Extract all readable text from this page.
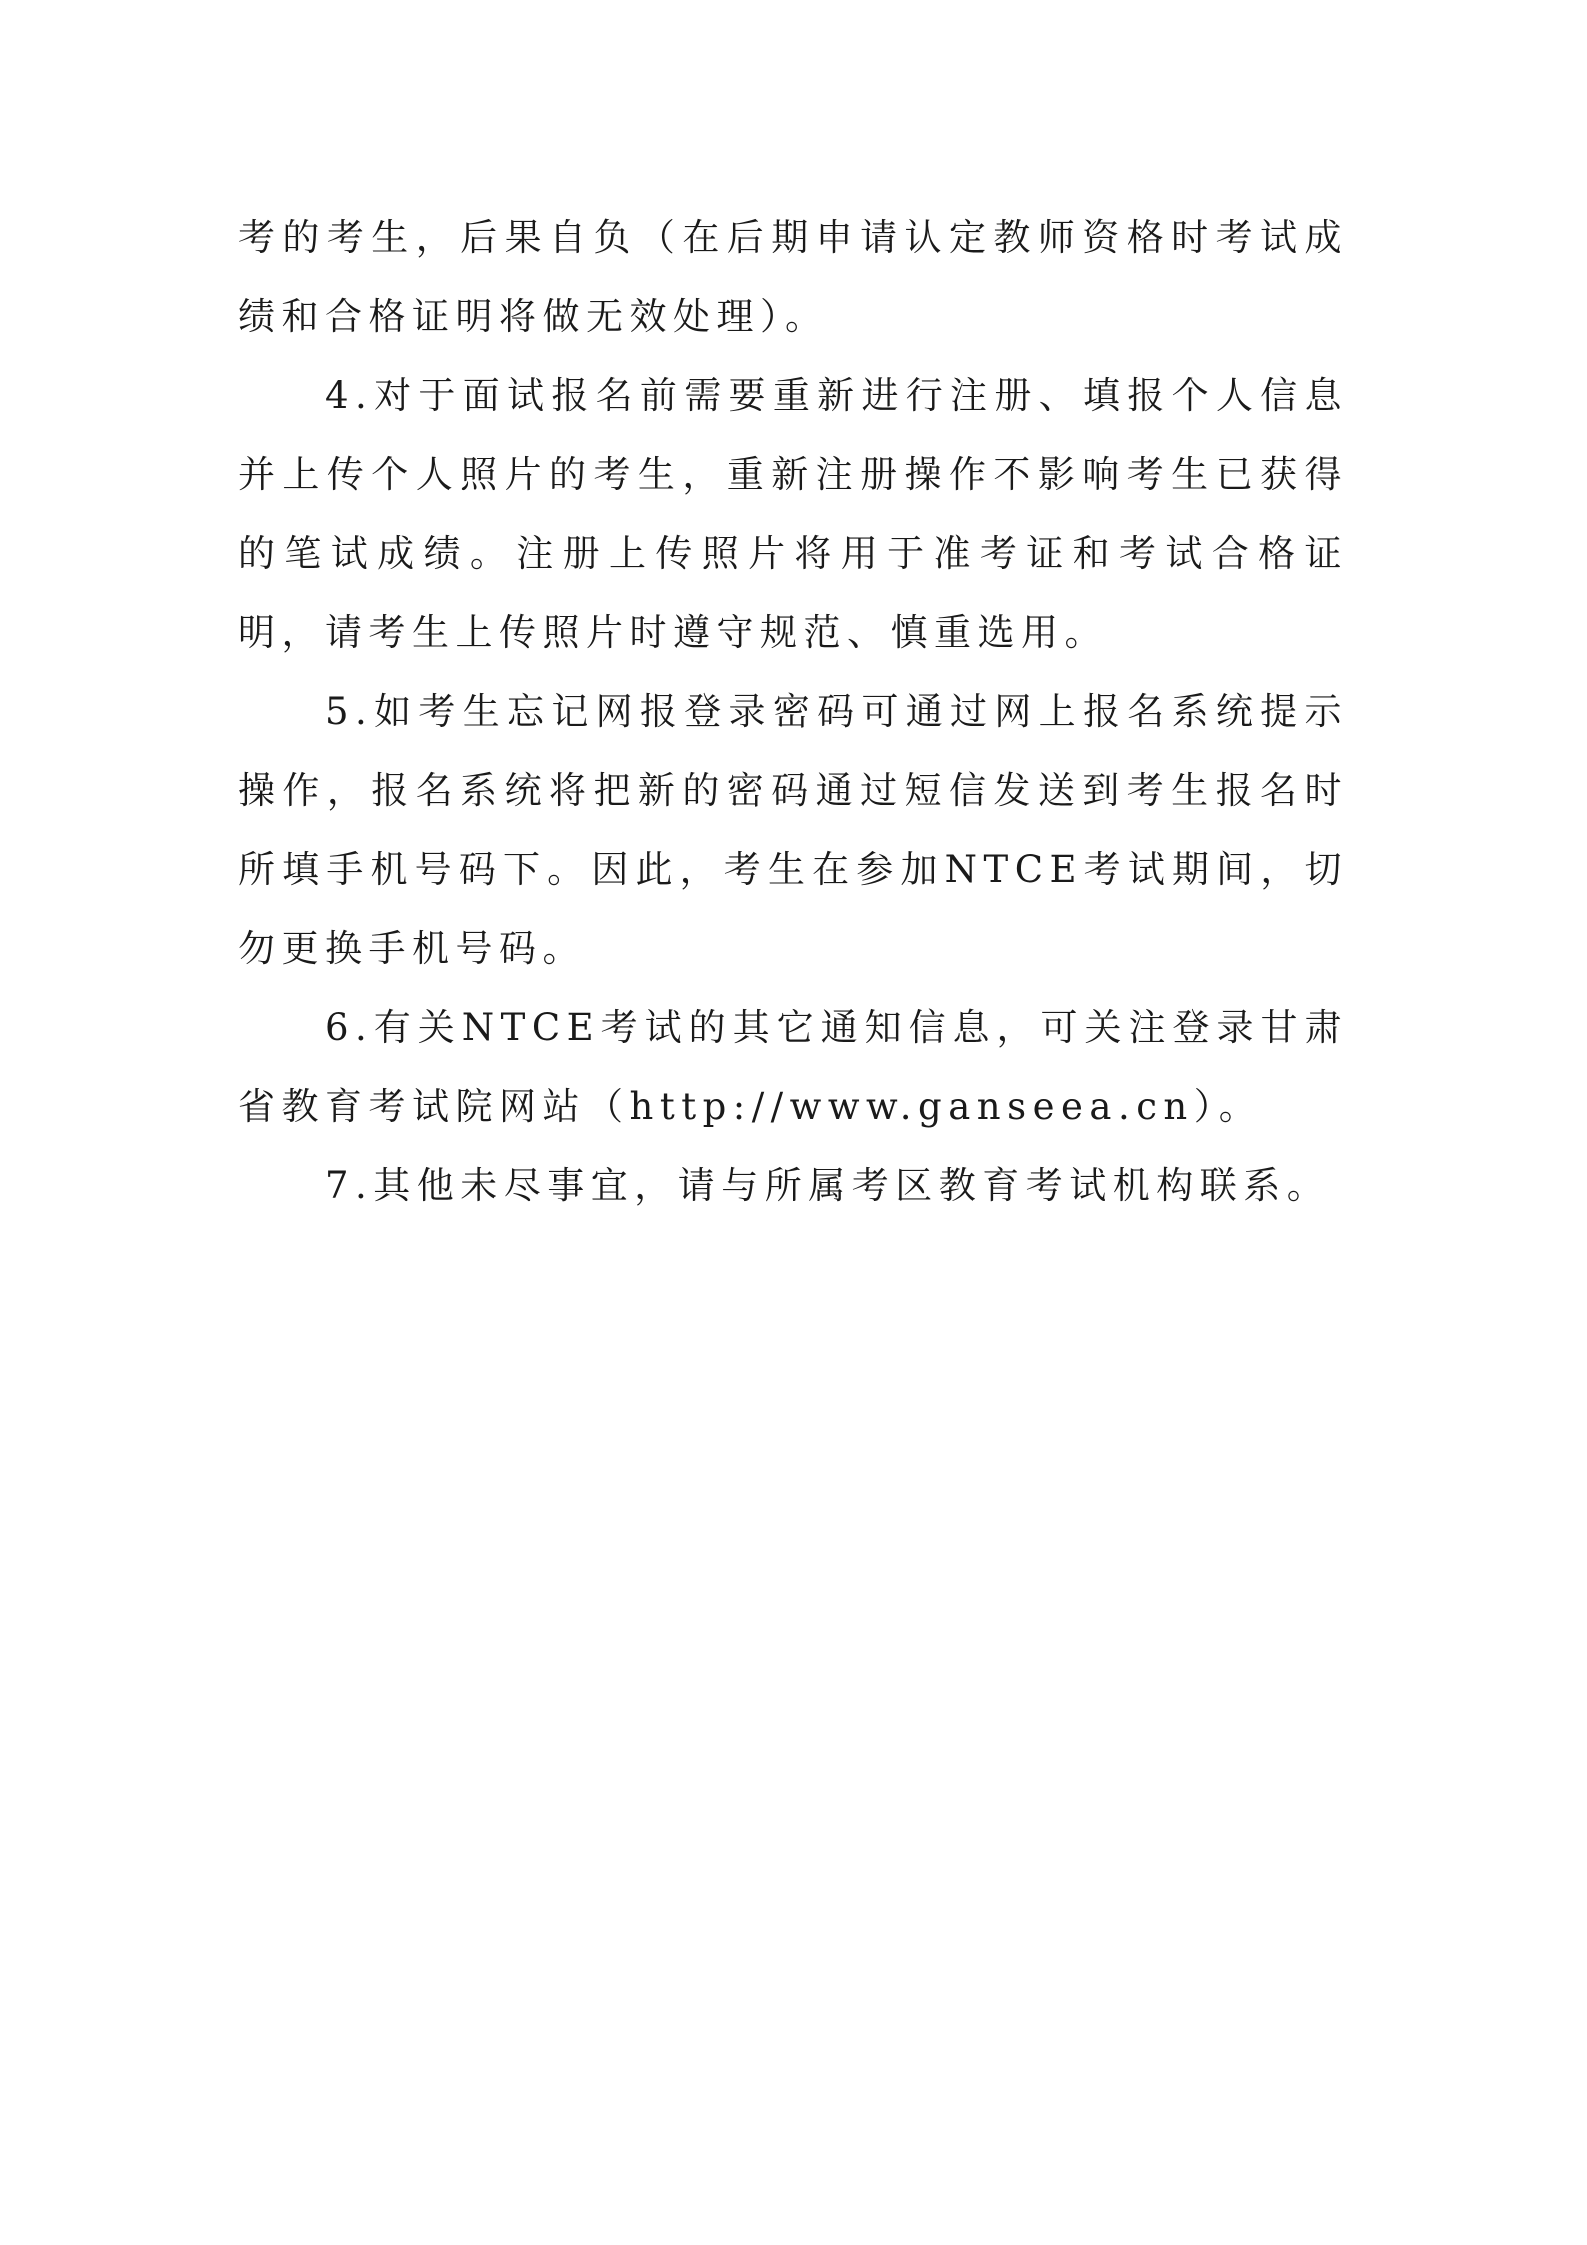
考的考生，后果自负（在后期申请认定教师资格时考试成绩和合格证明将做无效处理）。

4.对于面试报名前需要重新进行注册、填报个人信息并上传个人照片的考生，重新注册操作不影响考生已获得的笔试成绩。注册上传照片将用于准考证和考试合格证明，请考生上传照片时遵守规范、慎重选用。

5.如考生忘记网报登录密码可通过网上报名系统提示操作，报名系统将把新的密码通过短信发送到考生报名时所填手机号码下。因此，考生在参加NTCE考试期间，切勿更换手机号码。

6.有关NTCE考试的其它通知信息，可关注登录甘肃省教育考试院网站（http://www.ganseea.cn）。

7.其他未尽事宜，请与所属考区教育考试机构联系。
